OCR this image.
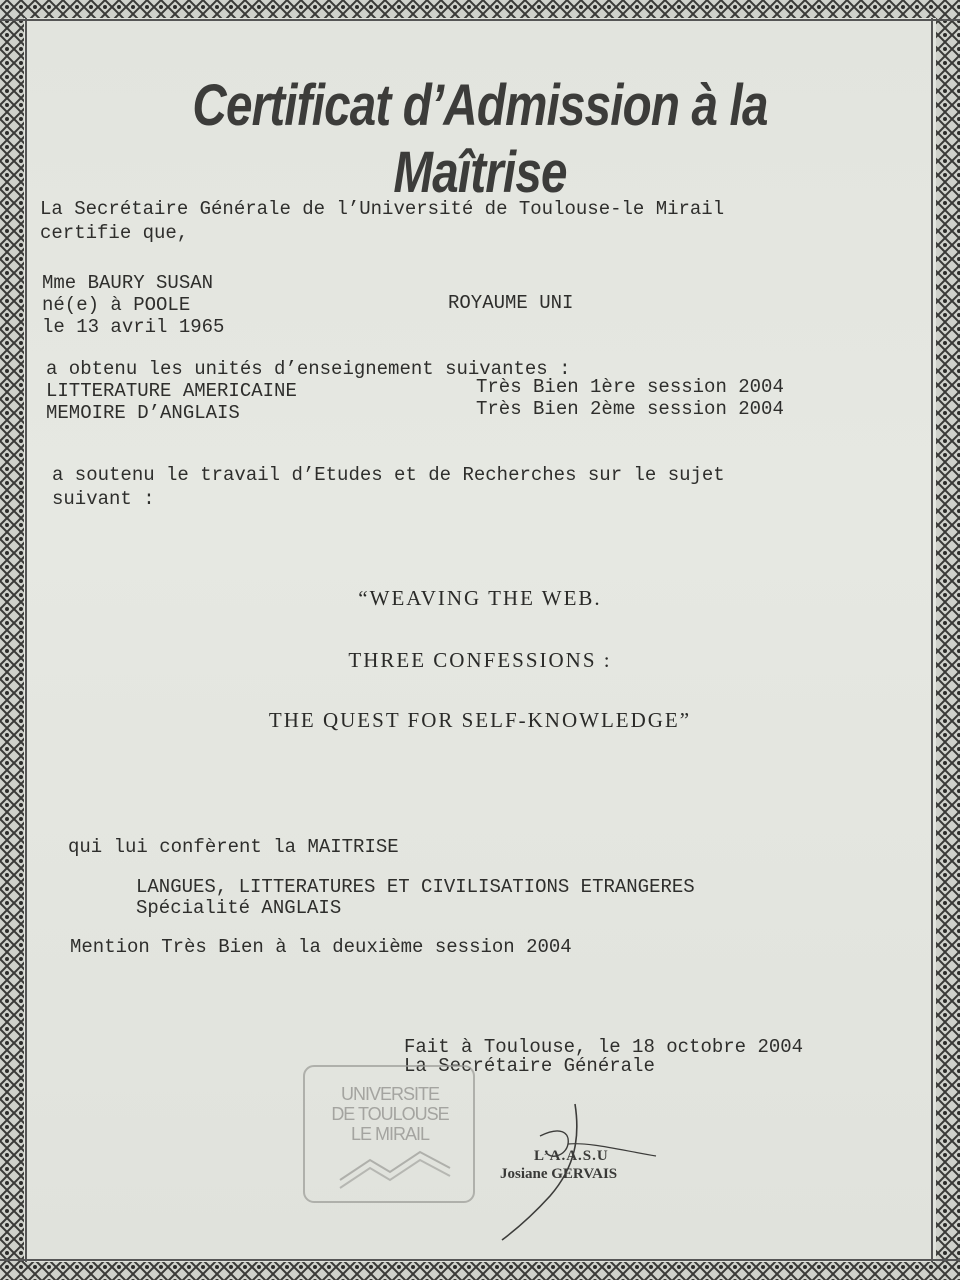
Certificat d’Admission à la Maîtrise
La Secrétaire Générale de l’Université de Toulouse-le Mirail
certifie que,
Mme BAURY SUSAN
né(e) à POOLE	ROYAUME UNI
le 13 avril 1965
a obtenu les unités d’enseignement suivantes :
LITTERATURE AMERICAINE	Très Bien 1ère session 2004
MEMOIRE D’ANGLAIS	Très Bien 2ème session 2004
a soutenu le travail d’Etudes et de Recherches sur le sujet
suivant :
“WEAVING THE WEB.
THREE CONFESSIONS :
THE QUEST FOR SELF-KNOWLEDGE”
qui lui confèrent la MAITRISE
LANGUES, LITTERATURES ET CIVILISATIONS ETRANGERES
Spécialité ANGLAIS
Mention Très Bien à la deuxième session 2004
Fait à Toulouse, le 18 octobre 2004
La Secrétaire Générale
UNIVERSITE
DE TOULOUSE
LE MIRAIL
L’A.A.S.U
Josiane GERVAIS
